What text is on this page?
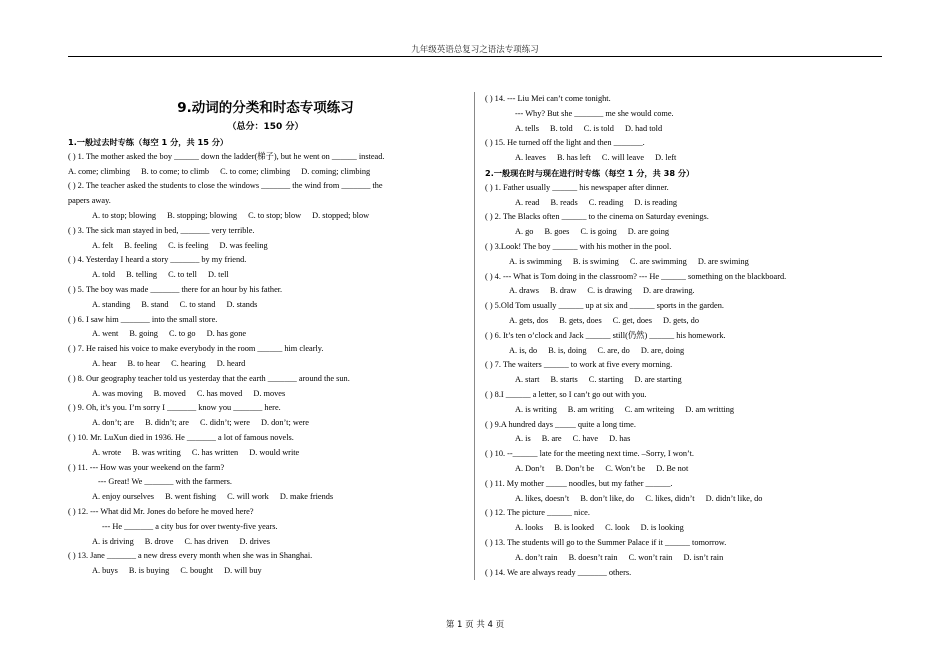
九年级英语总复习之语法专项练习
9.动词的分类和时态专项练习
（总分：150 分）
1.一般过去时专练（每空 1 分，共 15 分）
( ) 1. The mother asked the boy ______ down the ladder(梯子), but he went on ______ instead.
A. come; climbing B. to come; to climb C. to come; climbing D. coming; climbing
( ) 2. The teacher asked the students to close the windows _______ the wind from _______ the
papers away.
A. to stop; blowing B. stopping; blowing C. to stop; blow D. stopped; blow
( ) 3. The sick man stayed in bed, _______ very terrible.
A. felt B. feeling C. is feeling D. was feeling
( ) 4. Yesterday I heard a story _______ by my friend.
A. told B. telling C. to tell D. tell
( ) 5. The boy was made _______ there for an hour by his father.
A. standing B. stand C. to stand D. stands
( ) 6. I saw him _______ into the small store.
A. went B. going C. to go D. has gone
( ) 7. He raised his voice to make everybody in the room ______ him clearly.
A. hear B. to hear C. hearing D. heard
( ) 8. Our geography teacher told us yesterday that the earth _______ around the sun.
A. was moving B. moved C. has moved D. moves
( ) 9. Oh, it’s you. I’m sorry I _______ know you _______ here.
A. don’t; are B. didn’t; are C. didn’t; were D. don’t; were
( ) 10. Mr. LuXun died in 1936. He _______ a lot of famous novels.
A. wrote B. was writing C. has written D. would write
( ) 11. --- How was your weekend on the farm?
--- Great! We _______ with the farmers.
A. enjoy ourselves B. went fishing C. will work D. make friends
( ) 12. --- What did Mr. Jones do before he moved here?
--- He _______ a city bus for over twenty-five years.
A. is driving B. drove C. has driven D. drives
( ) 13. Jane _______ a new dress every month when she was in Shanghai.
A. buys B. is buying C. bought D. will buy
( ) 14. --- Liu Mei can’t come tonight.
--- Why? But she _______ me she would come.
A. tells B. told C. is told D. had told
( ) 15. He turned off the light and then _______.
A. leaves B. has left C. will leave D. left
2.一般现在时与现在进行时专练（每空 1 分，共 38 分）
( ) 1. Father usually ______ his newspaper after dinner.
A. read B. reads C. reading D. is reading
( ) 2. The Blacks often ______ to the cinema on Saturday evenings.
A. go B. goes C. is going D. are going
( ) 3.Look! The boy ______ with his mother in the pool.
A. is swimming B. is swiming C. are swimming D. are swiming
( ) 4. --- What is Tom doing in the classroom? --- He ______ something on the blackboard.
A. draws B. draw C. is drawing D. are drawing.
( ) 5.Old Tom usually ______ up at six and ______ sports in the garden.
A. gets, dos B. gets, does C. get, does D. gets, do
( ) 6. It’s ten o’clock and Jack ______ still(仍然) ______ his homework.
A. is, do B. is, doing C. are, do D. are, doing
( ) 7. The waiters ______ to work at five every morning.
A. start B. starts C. starting D. are starting
( ) 8.I ______ a letter, so I can’t go out with you.
A. is writing B. am writing C. am writeing D. am writting
( ) 9.A hundred days _____ quite a long time.
A. is B. are C. have D. has
( ) 10. --______ late for the meeting next time. –Sorry, I won’t.
A. Don’t B. Don’t be C. Won’t be D. Be not
( ) 11. My mother _____ noodles, but my father ______.
A. likes, doesn’t B. don’t like, do C. likes, didn’t D. didn’t like, do
( ) 12. The picture ______ nice.
A. looks B. is looked C. look D. is looking
( ) 13. The students will go to the Summer Palace if it ______ tomorrow.
A. don’t rain B. doesn’t rain C. won’t rain D. isn’t rain
( ) 14. We are always ready _______ others.
第 1 页 共 4 页
